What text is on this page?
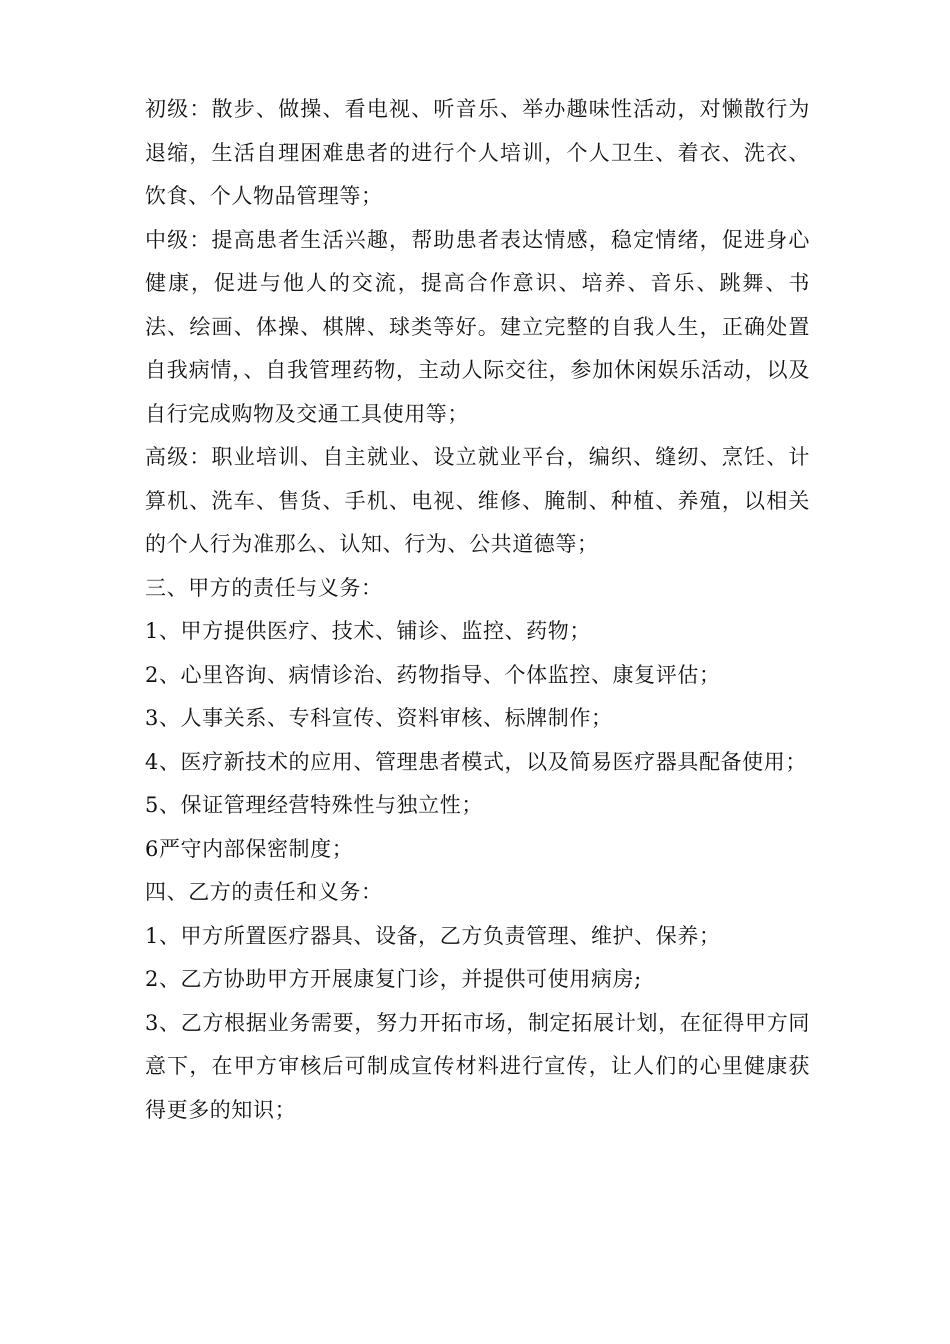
初级：散步、做操、看电视、听音乐、举办趣味性活动，对懒散行为退缩，生活自理困难患者的进行个人培训，个人卫生、着衣、洗衣、饮食、个人物品管理等；

中级：提高患者生活兴趣，帮助患者表达情感，稳定情绪，促进身心健康，促进与他人的交流，提高合作意识、培养、音乐、跳舞、书法、绘画、体操、棋牌、球类等好。建立完整的自我人生，正确处置自我病情，、自我管理药物，主动人际交往，参加休闲娱乐活动，以及自行完成购物及交通工具使用等；

高级：职业培训、自主就业、设立就业平台，编织、缝纫、烹饪、计算机、洗车、售货、手机、电视、维修、腌制、种植、养殖，以相关的个人行为准那么、认知、行为、公共道德等；

三、甲方的责任与义务：

1、甲方提供医疗、技术、铺诊、监控、药物；

2、心里咨询、病情诊治、药物指导、个体监控、康复评估；

3、人事关系、专科宣传、资料审核、标牌制作；

4、医疗新技术的应用、管理患者模式，以及简易医疗器具配备使用；

5、保证管理经营特殊性与独立性；

6严守内部保密制度；

四、乙方的责任和义务：

1、甲方所置医疗器具、设备，乙方负责管理、维护、保养；

2、乙方协助甲方开展康复门诊，并提供可使用病房;

3、乙方根据业务需要，努力开拓市场，制定拓展计划，在征得甲方同意下，在甲方审核后可制成宣传材料进行宣传，让人们的心里健康获得更多的知识；
